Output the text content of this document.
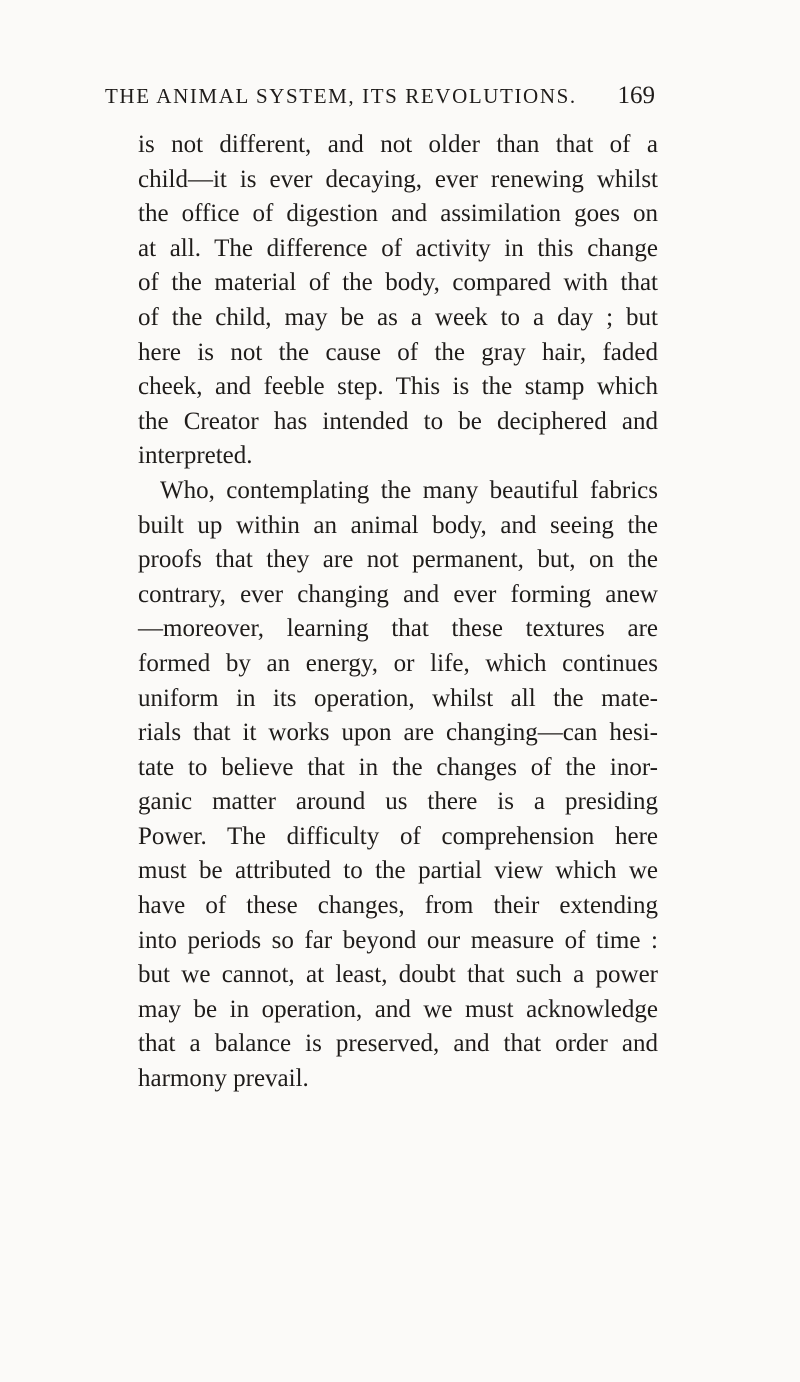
THE ANIMAL SYSTEM, ITS REVOLUTIONS. 169
is not different, and not older than that of a
child—it is ever decaying, ever renewing whilst
the office of digestion and assimilation goes on
at all. The difference of activity in this change
of the material of the body, compared with that
of the child, may be as a week to a day ; but
here is not the cause of the gray hair, faded
cheek, and feeble step. This is the stamp which
the Creator has intended to be deciphered and
interpreted.
Who, contemplating the many beautiful fabrics
built up within an animal body, and seeing the
proofs that they are not permanent, but, on the
contrary, ever changing and ever forming anew
—moreover, learning that these textures are
formed by an energy, or life, which continues
uniform in its operation, whilst all the mate-
rials that it works upon are changing—can hesi-
tate to believe that in the changes of the inor-
ganic matter around us there is a presiding
Power. The difficulty of comprehension here
must be attributed to the partial view which we
have of these changes, from their extending
into periods so far beyond our measure of time :
but we cannot, at least, doubt that such a power
may be in operation, and we must acknowledge
that a balance is preserved, and that order and
harmony prevail.
